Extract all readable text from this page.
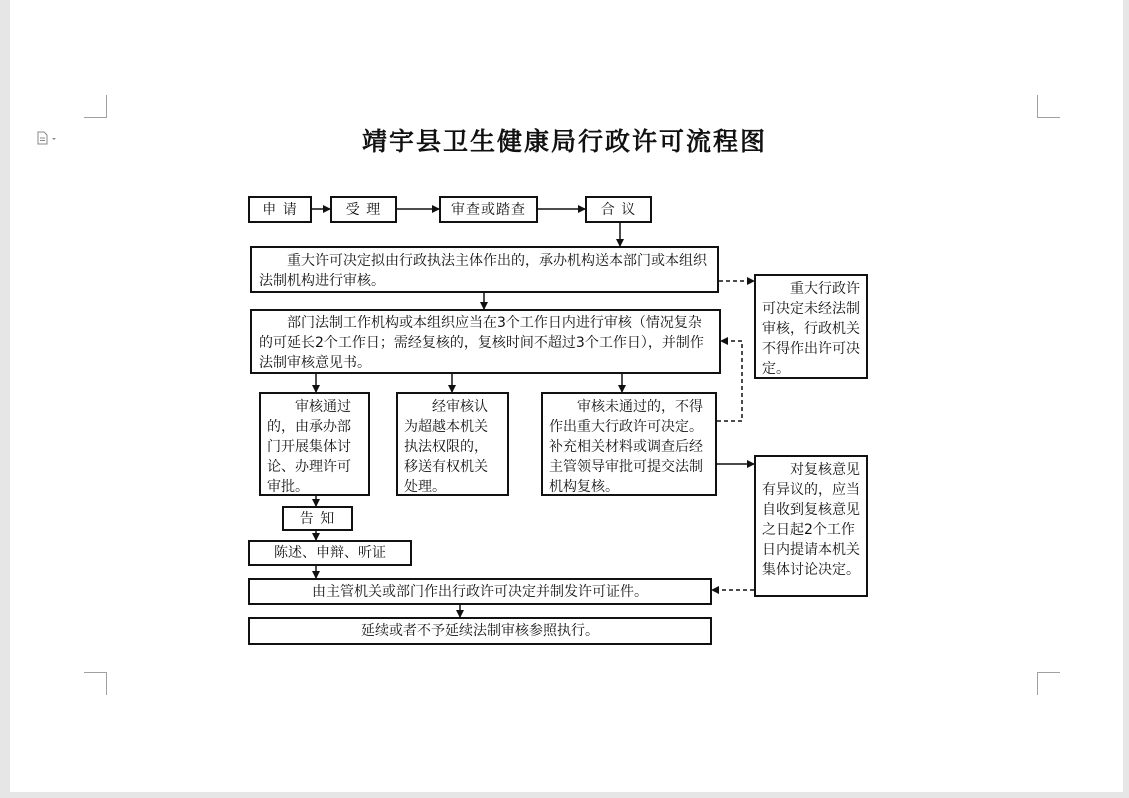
靖宇县卫生健康局行政许可流程图
申 请	受 理	审查或踏查	合 议
重大许可决定拟由行政执法主体作出的，承办机构送本部门或本组织法制机构进行审核。
部门法制工作机构或本组织应当在3个工作日内进行审核（情况复杂的可延长2个工作日；需经复核的，复核时间不超过3个工作日），并制作法制审核意见书。
重大行政许可决定未经法制审核，行政机关不得作出许可决定。
审核通过的，由承办部门开展集体讨论、办理许可审批。
经审核认为超越本机关执法权限的，移送有权机关处理。
审核未通过的，不得作出重大行政许可决定。补充相关材料或调查后经主管领导审批可提交法制机构复核。
对复核意见有异议的，应当自收到复核意见之日起2个工作日内提请本机关集体讨论决定。
告 知
陈述、申辩、听证
由主管机关或部门作出行政许可决定并制发许可证件。
延续或者不予延续法制审核参照执行。
